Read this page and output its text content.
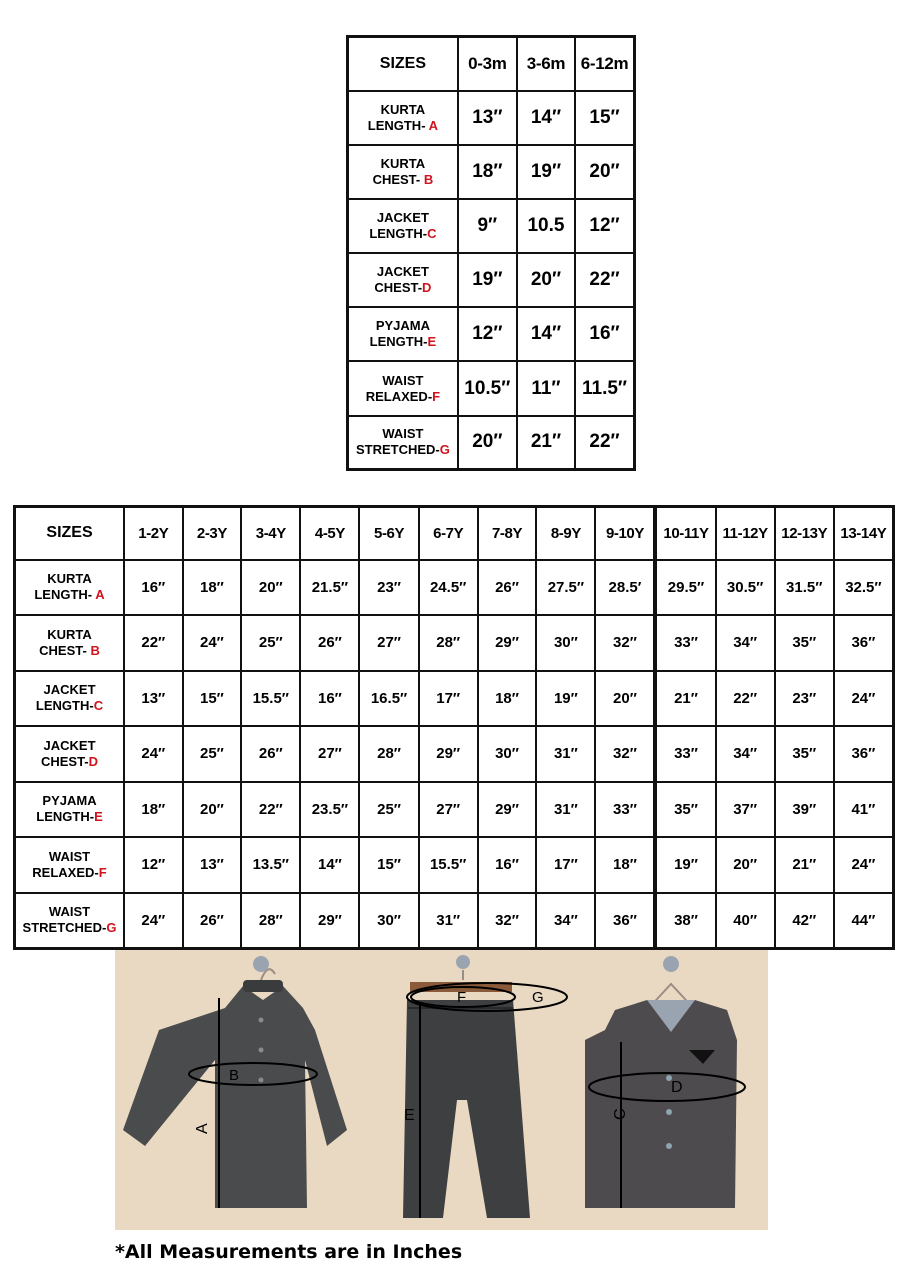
SIZES	0-3m	3-6m	6-12m
KURTA
LENGTH- A	13″	14″	15″
KURTA
CHEST- B	18″	19″	20″
JACKET
LENGTH-C	9″	10.5	12″
JACKET
CHEST-D	19″	20″	22″
PYJAMA
LENGTH-E	12″	14″	16″
WAIST
RELAXED-F	10.5″	11″	11.5″
WAIST
STRETCHED-G	20″	21″	22″
SIZES	1-2Y	2-3Y	3-4Y	4-5Y	5-6Y	6-7Y	7-8Y	8-9Y	9-10Y	10-11Y	11-12Y	12-13Y	13-14Y
KURTA
LENGTH- A	16″	18″	20″	21.5″	23″	24.5″	26″	27.5″	28.5′	29.5″	30.5″	31.5″	32.5″
KURTA
CHEST- B	22″	24″	25″	26″	27″	28″	29″	30″	32″	33″	34″	35″	36″
JACKET
LENGTH-C	13″	15″	15.5″	16″	16.5″	17″	18″	19″	20″	21″	22″	23″	24″
JACKET
CHEST-D	24″	25″	26″	27″	28″	29″	30″	31″	32″	33″	34″	35″	36″
PYJAMA
LENGTH-E	18″	20″	22″	23.5″	25″	27″	29″	31″	33″	35″	37″	39″	41″
WAIST
RELAXED-F	12″	13″	13.5″	14″	15″	15.5″	16″	17″	18″	19″	20″	21″	24″
WAIST
STRETCHED-G	24″	26″	28″	29″	30″	31″	32″	34″	36″	38″	40″	42″	44″
A
B
C
D
E
F	G
*All Measurements are in Inches
